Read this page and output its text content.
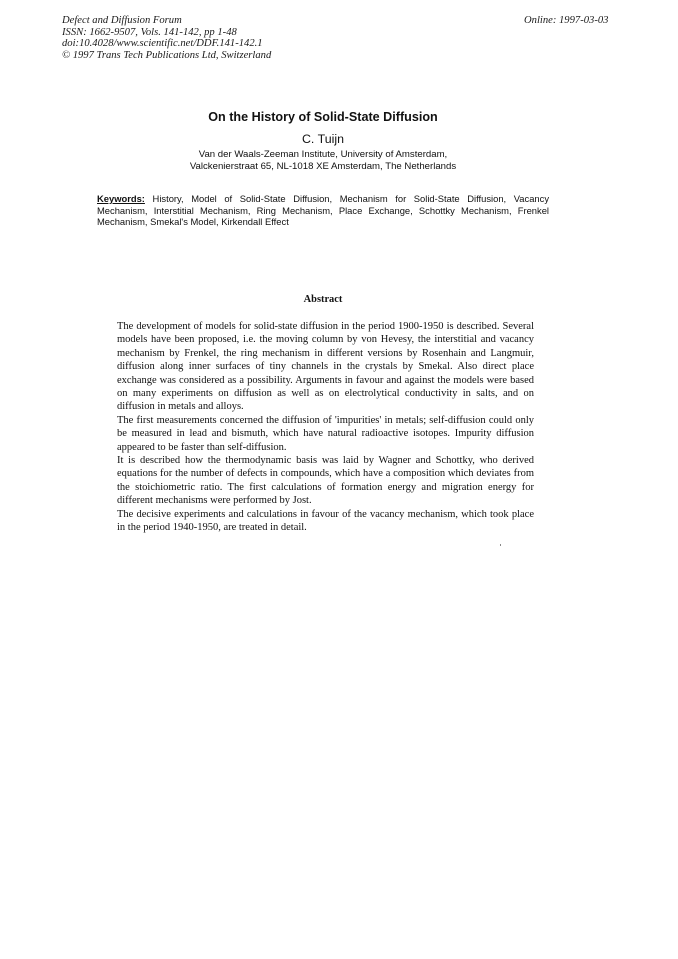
Defect and Diffusion Forum
ISSN: 1662-9507, Vols. 141-142, pp 1-48
doi:10.4028/www.scientific.net/DDF.141-142.1
© 1997 Trans Tech Publications Ltd, Switzerland
Online: 1997-03-03
On the History of Solid-State Diffusion
C. Tuijn
Van der Waals-Zeeman Institute, University of Amsterdam,
Valckenierstraat 65, NL-1018 XE Amsterdam, The Netherlands
Keywords: History, Model of Solid-State Diffusion, Mechanism for Solid-State Diffusion, Vacancy Mechanism, Interstitial Mechanism, Ring Mechanism, Place Exchange, Schottky Mechanism, Frenkel Mechanism, Smekal's Model, Kirkendall Effect
Abstract

The development of models for solid-state diffusion in the period 1900-1950 is described. Several models have been proposed, i.e. the moving column by von Hevesy, the interstitial and vacancy mechanism by Frenkel, the ring mechanism in different versions by Rosenhain and Langmuir, diffusion along inner surfaces of tiny channels in the crystals by Smekal. Also direct place exchange was considered as a possibility. Arguments in favour and against the models were based on many experiments on diffusion as well as on electrolytical conductivity in salts, and on diffusion in metals and alloys.

The first measurements concerned the diffusion of 'impurities' in metals; self-diffusion could only be measured in lead and bismuth, which have natural radioactive isotopes. Impurity diffusion appeared to be faster than self-diffusion.

It is described how the thermodynamic basis was laid by Wagner and Schottky, who derived equations for the number of defects in compounds, which have a composition which deviates from the stoichiometric ratio. The first calculations of formation energy and migration energy for different mechanisms were performed by Jost.

The decisive experiments and calculations in favour of the vacancy mechanism, which took place in the period 1940-1950, are treated in detail.
